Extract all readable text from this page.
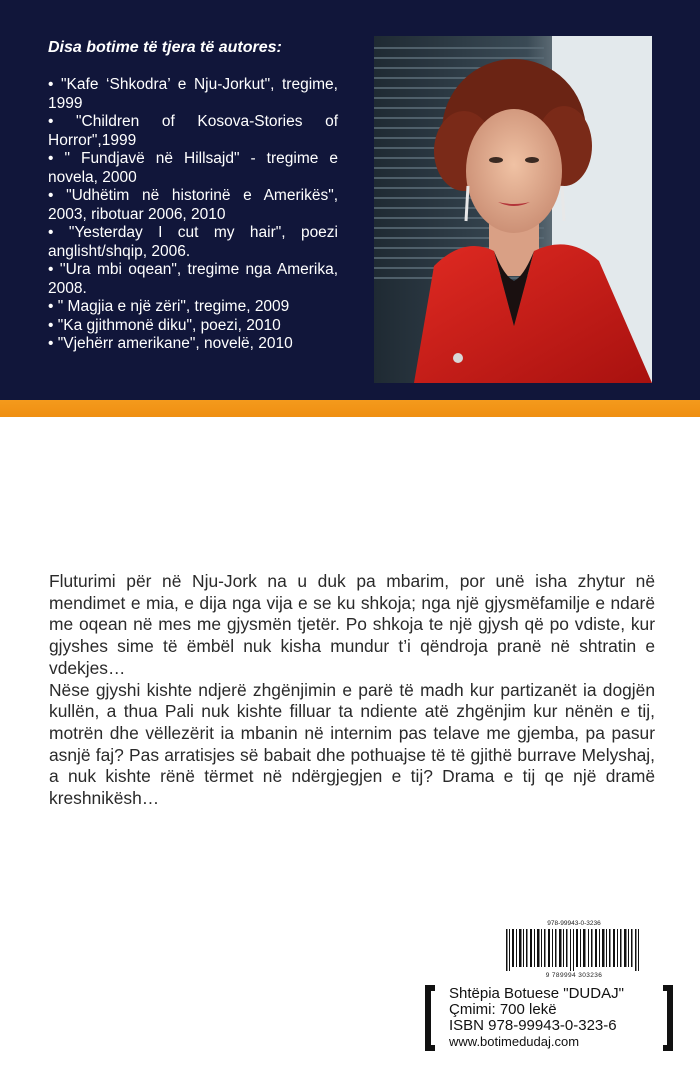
Disa botime të tjera të autores:
• "Kafe ‘Shkodra’ e Nju-Jorkut", tregime, 1999
• "Children of Kosova-Stories of Horror",1999
• " Fundjavë në Hillsajd" - tregime e novela, 2000
• "Udhëtim në historinë e Amerikës", 2003, ribotuar 2006, 2010
• "Yesterday I cut my hair", poezi anglisht/shqip, 2006.
• ''Ura mbi oqean", tregime nga Amerika, 2008.
• " Magjia e një zëri", tregime, 2009
• "Ka gjithmonë diku", poezi, 2010
• "Vjehërr amerikane", novelë, 2010

Fluturimi për në Nju-Jork na u duk pa mbarim, por unë isha zhytur në mendimet e mia, e dija nga vija e se ku shkoja; nga një gjysmëfamilje e ndarë me oqean në mes me gjysmën tjetër. Po shkoja te një gjysh që po vdiste, kur gjyshes sime të ëmbël nuk kisha mundur t’i qëndroja pranë në shtratin e vdekjes…

Nëse gjyshi kishte ndjerë zhgënjimin e parë të madh kur partizanët ia dogjën kullën, a thua Pali nuk kishte filluar ta ndiente atë zhgënjim kur nënën e tij, motrën dhe vëllezërit ia mbanin në internim pas telave me gjemba, pa pasur asnjë faj? Pas arratisjes së babait dhe pothuajse të të gjithë burrave Melyshaj, a nuk kishte rënë tërmet në ndërgjegjen e tij? Drama e tij qe një dramë kreshnikësh…

978-99943-0-3236
9 789994 303236
Shtëpia Botuese "DUDAJ"
Çmimi: 700 lekë
ISBN 978-99943-0-323-6
www.botimedudaj.com
